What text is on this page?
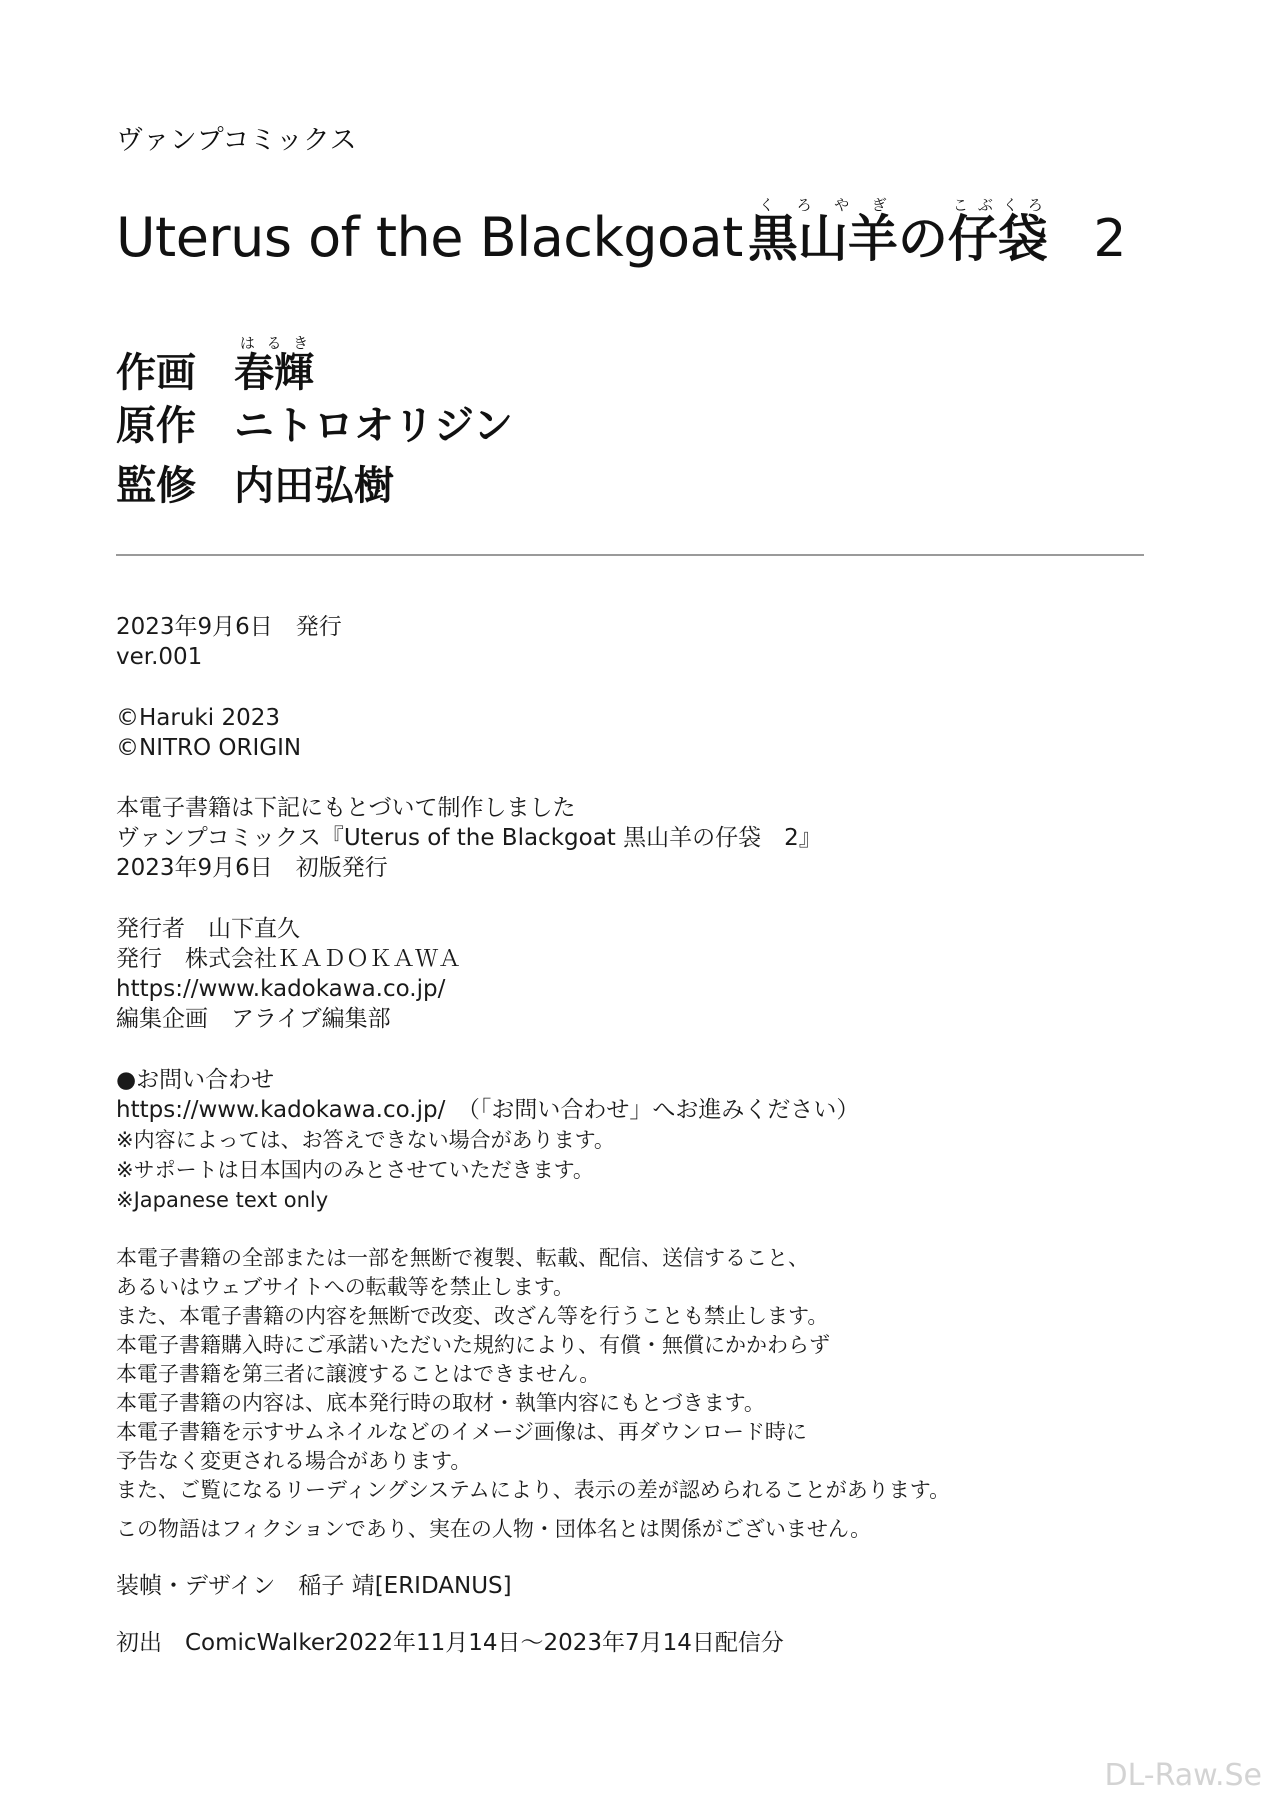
ヴァンプコミックス
Uterus of the Blackgoat 黒山羊くろやぎの仔袋こぶくろ 2
作画 春輝はるき
原作 ニトロオリジン
監修 内田弘樹
2023年9月6日　発行
ver.001
©Haruki 2023
©NITRO ORIGIN
本電子書籍は下記にもとづいて制作しました
ヴァンプコミックス『Uterus of the Blackgoat 黒山羊の仔袋　2』
2023年9月6日　初版発行
発行者　山下直久
発行　株式会社ＫＡＤＯＫＡＷＡ
https://www.kadokawa.co.jp/
編集企画　アライブ編集部
●お問い合わせ
https://www.kadokawa.co.jp/　（「お問い合わせ」へお進みください）
※内容によっては、お答えできない場合があります。
※サポートは日本国内のみとさせていただきます。
※Japanese text only
本電子書籍の全部または一部を無断で複製、転載、配信、送信すること、
あるいはウェブサイトへの転載等を禁止します。
また、本電子書籍の内容を無断で改変、改ざん等を行うことも禁止します。
本電子書籍購入時にご承諾いただいた規約により、有償・無償にかかわらず
本電子書籍を第三者に譲渡することはできません。
本電子書籍の内容は、底本発行時の取材・執筆内容にもとづきます。
本電子書籍を示すサムネイルなどのイメージ画像は、再ダウンロード時に
予告なく変更される場合があります。
また、ご覧になるリーディングシステムにより、表示の差が認められることがあります。
この物語はフィクションであり、実在の人物・団体名とは関係がございません。
装幀・デザイン　稲子 靖[ERIDANUS]
初出　ComicWalker2022年11月14日～2023年7月14日配信分
DL-Raw.Se
